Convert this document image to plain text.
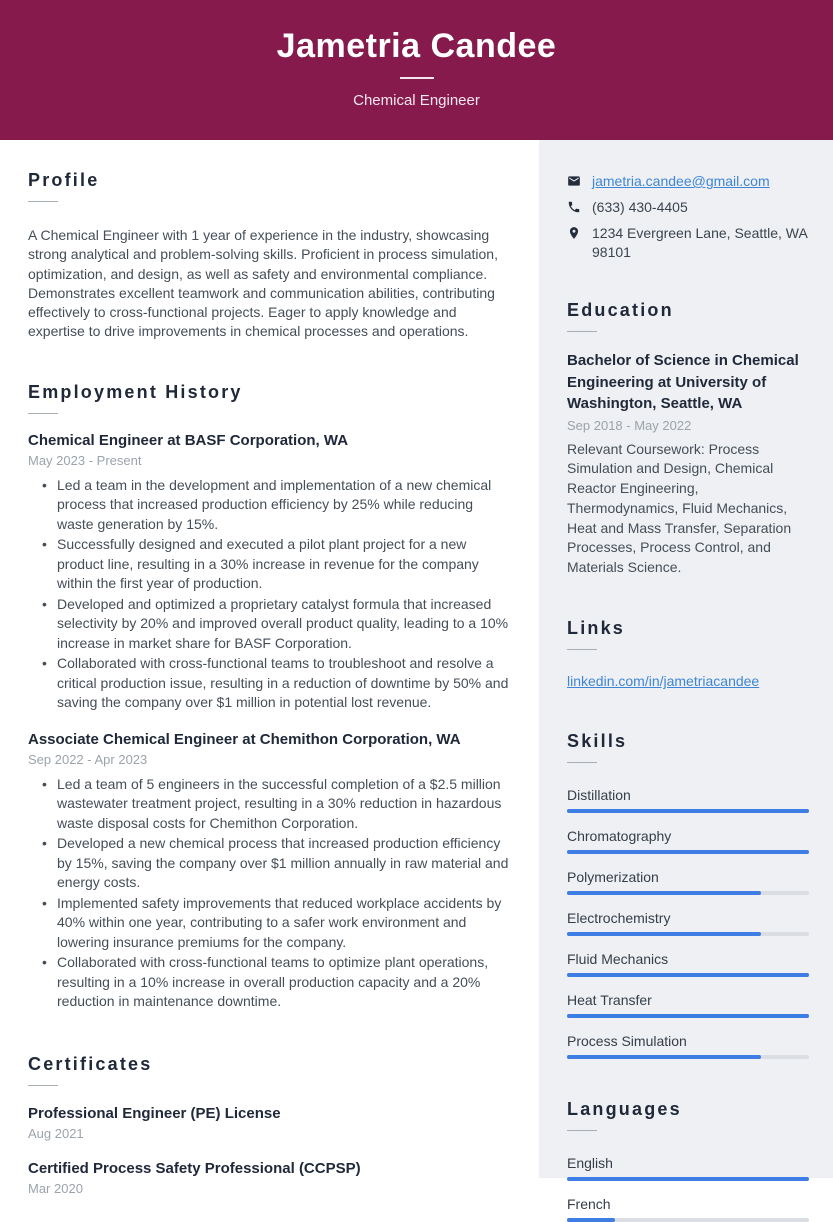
Jametria Candee
Chemical Engineer
Profile

A Chemical Engineer with 1 year of experience in the industry, showcasing strong analytical and problem-solving skills. Proficient in process simulation, optimization, and design, as well as safety and environmental compliance. Demonstrates excellent teamwork and communication abilities, contributing effectively to cross-functional projects. Eager to apply knowledge and expertise to drive improvements in chemical processes and operations.

Employment History
Chemical Engineer at BASF Corporation, WA
May 2023 - Present
• Led a team in the development and implementation of a new chemical process that increased production efficiency by 25% while reducing waste generation by 15%.
• Successfully designed and executed a pilot plant project for a new product line, resulting in a 30% increase in revenue for the company within the first year of production.
• Developed and optimized a proprietary catalyst formula that increased selectivity by 20% and improved overall product quality, leading to a 10% increase in market share for BASF Corporation.
• Collaborated with cross-functional teams to troubleshoot and resolve a critical production issue, resulting in a reduction of downtime by 50% and saving the company over $1 million in potential lost revenue.
Associate Chemical Engineer at Chemithon Corporation, WA
Sep 2022 - Apr 2023
• Led a team of 5 engineers in the successful completion of a $2.5 million wastewater treatment project, resulting in a 30% reduction in hazardous waste disposal costs for Chemithon Corporation.
• Developed a new chemical process that increased production efficiency by 15%, saving the company over $1 million annually in raw material and energy costs.
• Implemented safety improvements that reduced workplace accidents by 40% within one year, contributing to a safer work environment and lowering insurance premiums for the company.
• Collaborated with cross-functional teams to optimize plant operations, resulting in a 10% increase in overall production capacity and a 20% reduction in maintenance downtime.
Certificates
Professional Engineer (PE) License
Aug 2021
Certified Process Safety Professional (CCPSP)
Mar 2020
jametria.candee@gmail.com
(633) 430-4405
1234 Evergreen Lane, Seattle, WA 98101
Education
Bachelor of Science in Chemical Engineering at University of Washington, Seattle, WA
Sep 2018 - May 2022
Relevant Coursework: Process Simulation and Design, Chemical Reactor Engineering, Thermodynamics, Fluid Mechanics, Heat and Mass Transfer, Separation Processes, Process Control, and Materials Science.
Links
linkedin.com/in/jametriacandee
Skills
Distillation
Chromatography
Polymerization
Electrochemistry
Fluid Mechanics
Heat Transfer
Process Simulation
Languages
English
French
